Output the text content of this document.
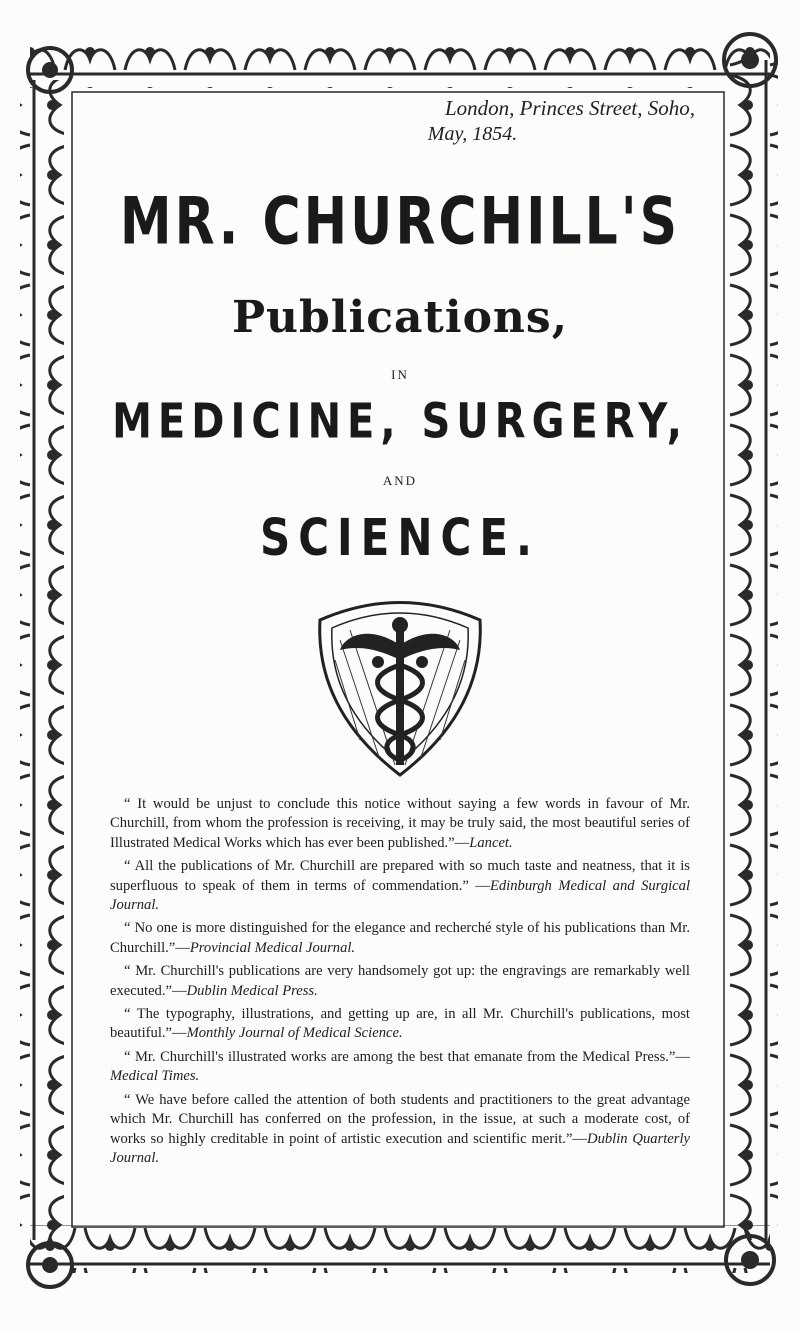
London, Princes Street, Soho,
May, 1854.
MR. CHURCHILL'S
Publications,
IN
MEDICINE, SURGERY,
AND
SCIENCE.

“ It would be unjust to conclude this notice without saying a few words in favour of Mr. Churchill, from whom the profession is receiving, it may be truly said, the most beautiful series of Illustrated Medical Works which has ever been published.”—Lancet.

“ All the publications of Mr. Churchill are prepared with so much taste and neatness, that it is superfluous to speak of them in terms of commendation.” —Edinburgh Medical and Surgical Journal.

“ No one is more distinguished for the elegance and recherché style of his publications than Mr. Churchill.”—Provincial Medical Journal.

“ Mr. Churchill's publications are very handsomely got up: the engravings are remarkably well executed.”—Dublin Medical Press.

“ The typography, illustrations, and getting up are, in all Mr. Churchill's publications, most beautiful.”—Monthly Journal of Medical Science.

“ Mr. Churchill's illustrated works are among the best that emanate from the Medical Press.”—Medical Times.

“ We have before called the attention of both students and practitioners to the great advantage which Mr. Churchill has conferred on the profession, in the issue, at such a moderate cost, of works so highly creditable in point of artistic execution and scientific merit.”—Dublin Quarterly Journal.
